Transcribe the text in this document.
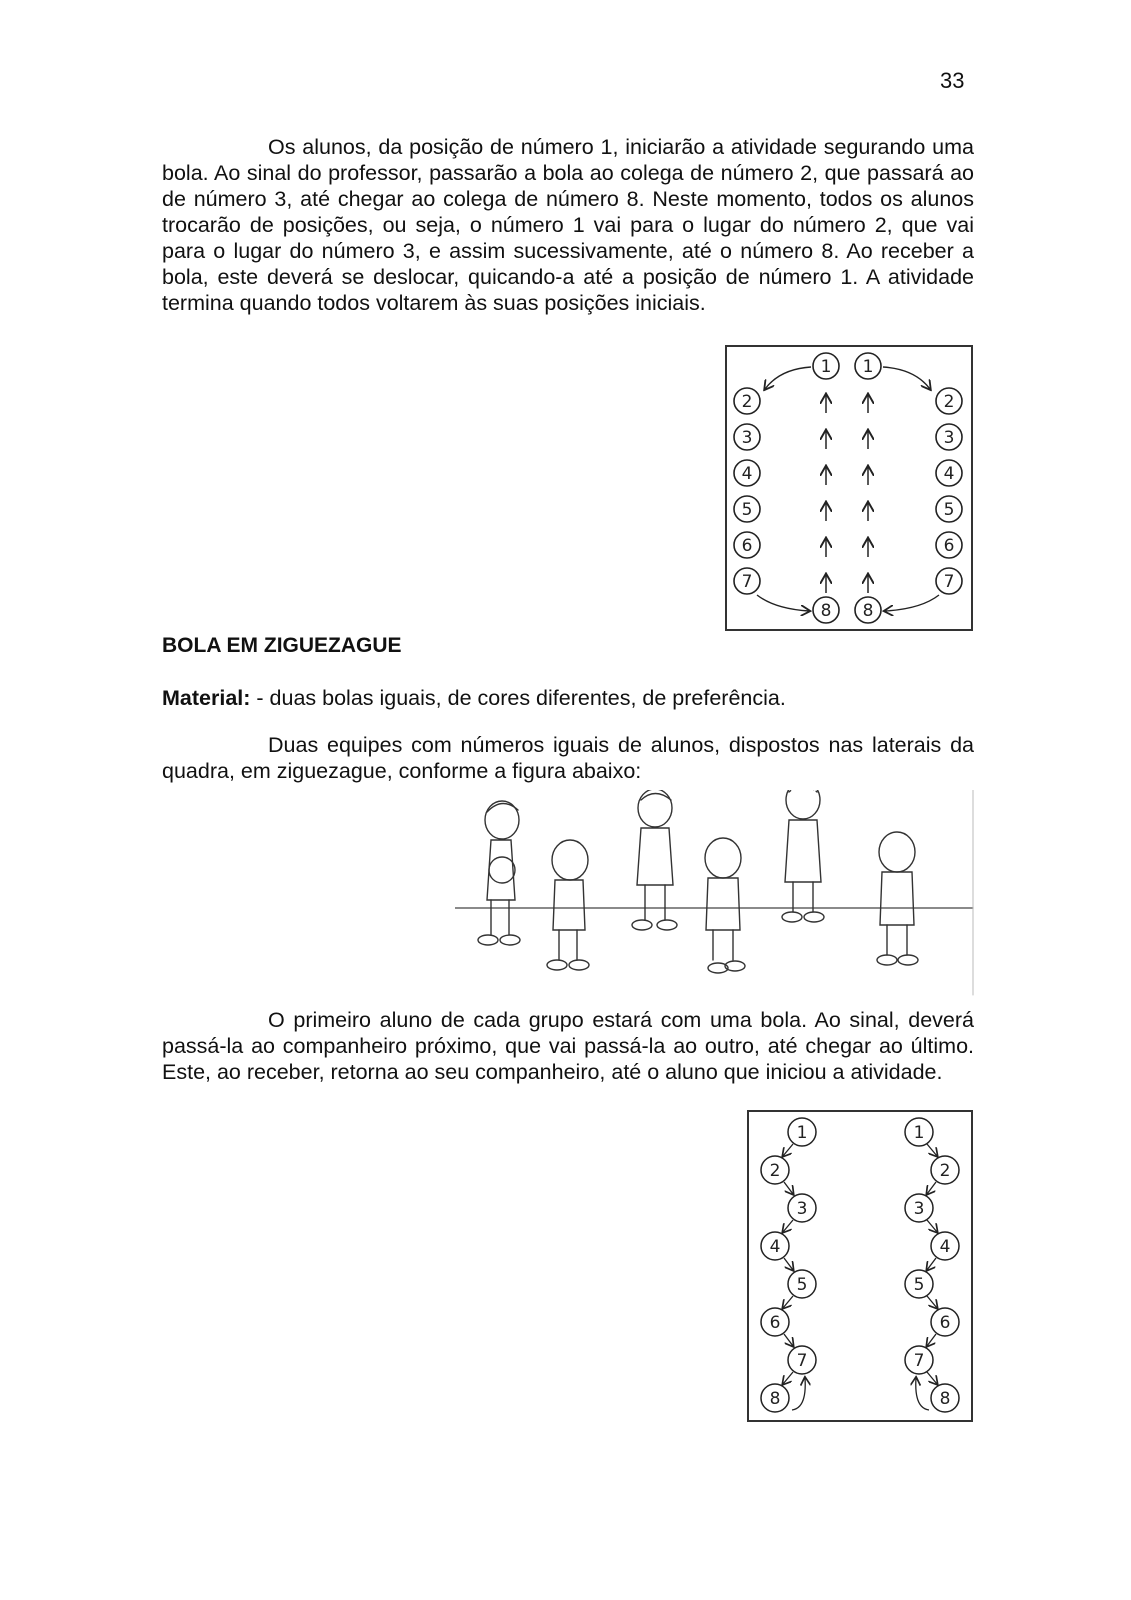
33

Os alunos, da posição de número 1, iniciarão a atividade segurando uma bola. Ao sinal do professor, passarão a bola ao colega de número 2, que passará ao de número 3, até chegar ao colega de número 8. Neste momento, todos os alunos trocarão de posições, ou seja, o número 1 vai para o lugar do número 2, que vai para o lugar do número 3, e assim sucessivamente, até o número 8. Ao receber a bola, este deverá se deslocar, quicando-a até a posição de número 1. A atividade termina quando todos voltarem às suas posições iniciais.

1 1
2
3
4
5
6
7
2
3
4
5
6
7
8 8
BOLA EM ZIGUEZAGUE

Material: - duas bolas iguais, de cores diferentes, de preferência.

Duas equipes com números iguais de alunos, dispostos nas laterais da quadra, em ziguezague, conforme a figura abaixo:

O primeiro aluno de cada grupo estará com uma bola. Ao sinal, deverá passá-la ao companheiro próximo, que vai passá-la ao outro, até chegar ao último. Este, ao receber, retorna ao seu companheiro, até o aluno que iniciou a atividade.

1
2
3
4
5
6
7
8
1
2
3
4
5
6
7
8
